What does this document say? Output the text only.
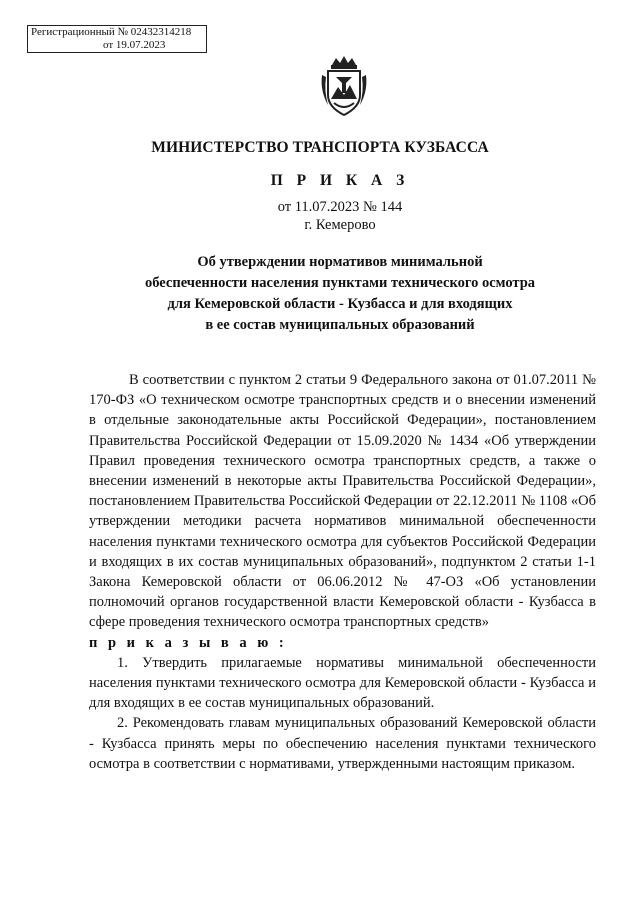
Регистрационный № 02432314218
от 19.07.2023
МИНИСТЕРСТВО ТРАНСПОРТА КУЗБАССА
П Р И К А З
от 11.07.2023 № 144
г. Кемерово
Об утверждении нормативов минимальной
обеспеченности населения пунктами технического осмотра
для Кемеровской области - Кузбасса и для входящих
в ее состав муниципальных образований

В соответствии с пунктом 2 статьи 9 Федерального закона от 01.07.2011 № 170-ФЗ «О техническом осмотре транспортных средств и о внесении изменений в отдельные законодательные акты Российской Федерации», постановлением Правительства Российской Федерации от 15.09.2020 № 1434 «Об утверждении Правил проведения технического осмотра транспортных средств, а также о внесении изменений в некоторые акты Правительства Российской Федерации», постановлением Правительства Российской Федерации от 22.12.2011 № 1108 «Об утверждении методики расчета нормативов минимальной обеспеченности населения пунктами технического осмотра для субъектов Российской Федерации и входящих в их состав муниципальных образований», подпунктом 2 статьи 1-1 Закона Кемеровской области от 06.06.2012 № 47-ОЗ «Об установлении полномочий органов государственной власти Кемеровской области - Кузбасса в сфере проведения технического осмотра транспортных средств»

п р и к а з ы в а ю :

1. Утвердить прилагаемые нормативы минимальной обеспеченности населения пунктами технического осмотра для Кемеровской области - Кузбасса и для входящих в ее состав муниципальных образований.

2. Рекомендовать главам муниципальных образований Кемеровской области - Кузбасса принять меры по обеспечению населения пунктами технического осмотра в соответствии с нормативами, утвержденными настоящим приказом.
